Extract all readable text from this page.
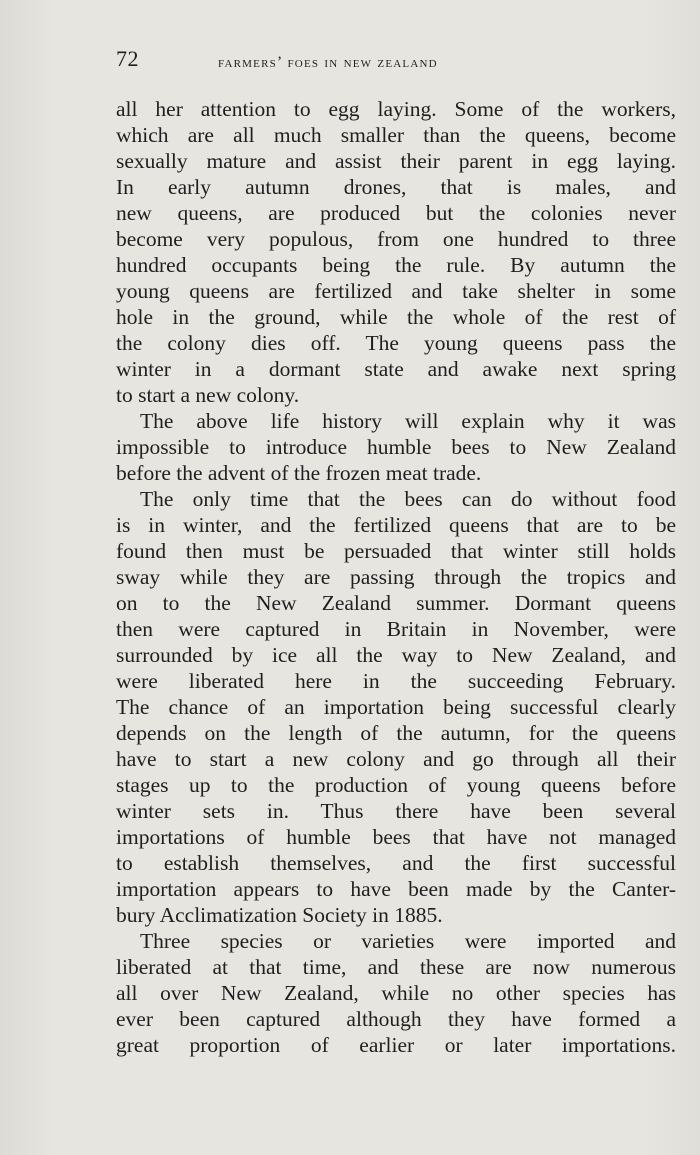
72	farmers’ foes in new zealand
all her attention to egg laying. Some of the workers,
which are all much smaller than the queens, become
sexually mature and assist their parent in egg laying.
In early autumn drones, that is males, and
new queens, are produced but the colonies never
become very populous, from one hundred to three
hundred occupants being the rule. By autumn the
young queens are fertilized and take shelter in some
hole in the ground, while the whole of the rest of
the colony dies off. The young queens pass the
winter in a dormant state and awake next spring
to start a new colony.
The above life history will explain why it was
impossible to introduce humble bees to New Zealand
before the advent of the frozen meat trade.
The only time that the bees can do without food
is in winter, and the fertilized queens that are to be
found then must be persuaded that winter still holds
sway while they are passing through the tropics and
on to the New Zealand summer. Dormant queens
then were captured in Britain in November, were
surrounded by ice all the way to New Zealand, and
were liberated here in the succeeding February.
The chance of an importation being successful clearly
depends on the length of the autumn, for the queens
have to start a new colony and go through all their
stages up to the production of young queens before
winter sets in. Thus there have been several
importations of humble bees that have not managed
to establish themselves, and the first successful
importation appears to have been made by the Canter-
bury Acclimatization Society in 1885.
Three species or varieties were imported and
liberated at that time, and these are now numerous
all over New Zealand, while no other species has
ever been captured although they have formed a
great proportion of earlier or later importations.
